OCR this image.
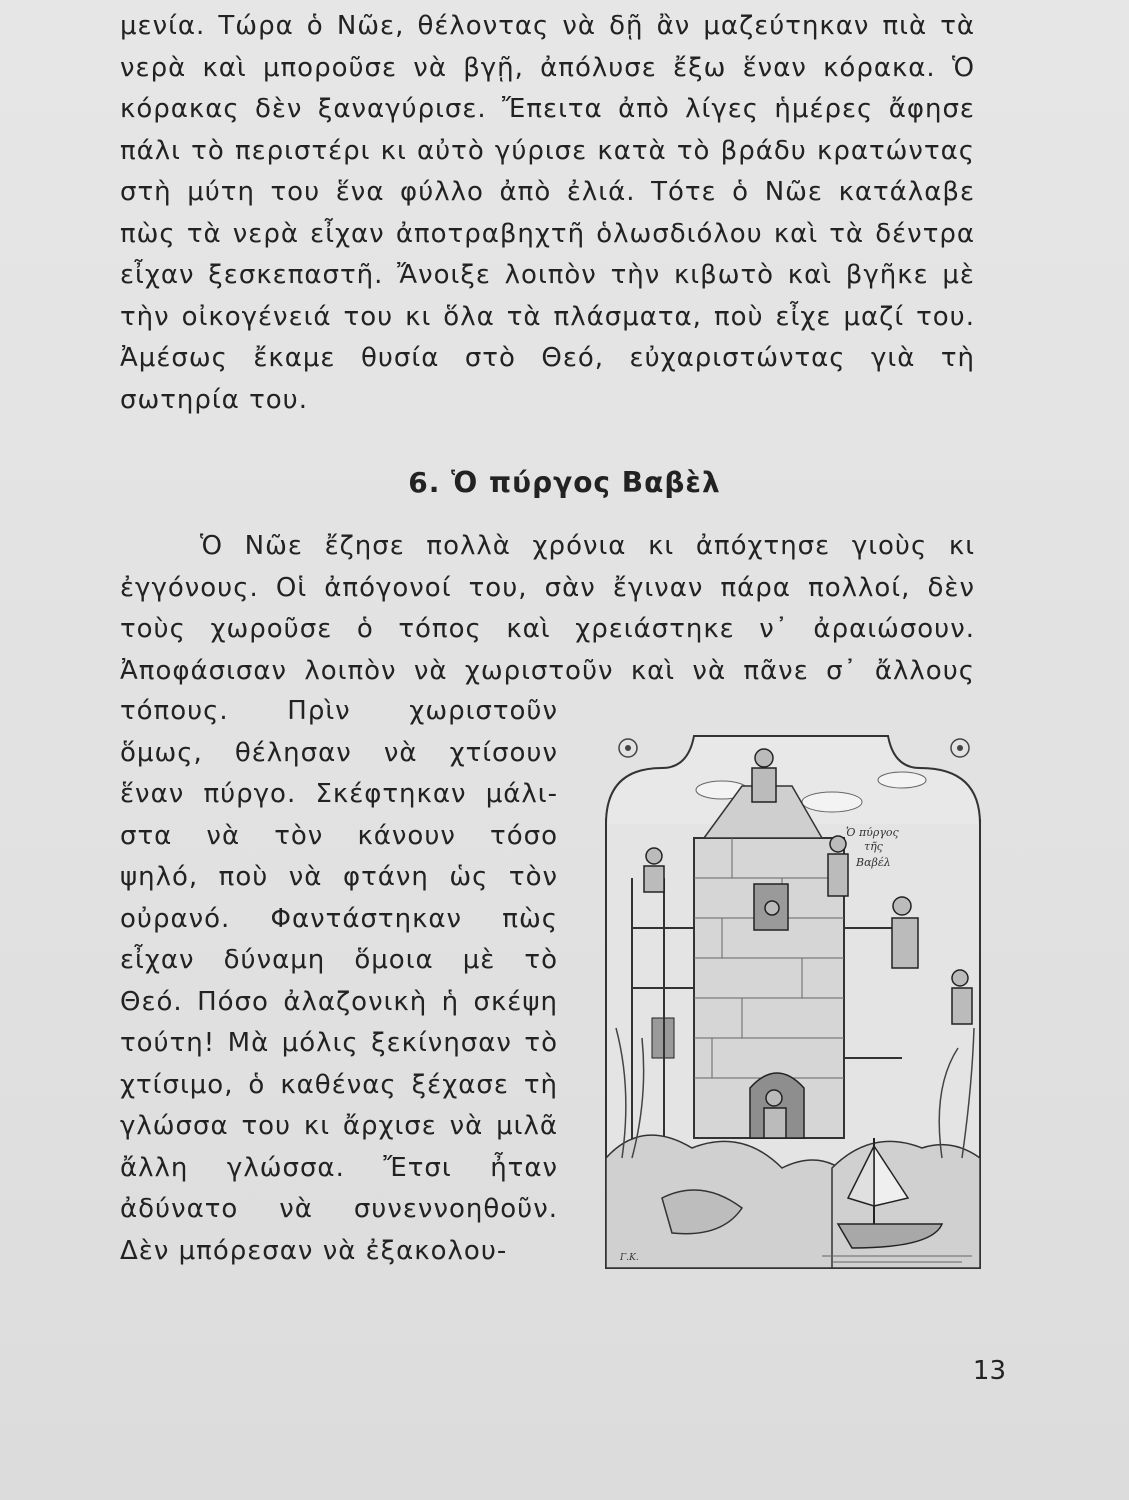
μενία. Τώρα ὁ Νῶε, θέλοντας νὰ δῇ ἂν μαζεύτηκαν πιὰ τὰ νερὰ καὶ μποροῦσε νὰ βγῇ, ἀπόλυσε ἔξω ἕναν κόρακα. Ὁ κόρακας δὲν ξαναγύρισε. Ἔπειτα ἀπὸ λίγες ἡμέρες ἄφησε πάλι τὸ περιστέρι κι αὐτὸ γύρισε κατὰ τὸ βράδυ κρατώντας στὴ μύτη του ἕνα φύλλο ἀπὸ ἐλιά. Τότε ὁ Νῶε κατάλαβε πὼς τὰ νερὰ εἶχαν ἀποτραβηχτῆ ὁλωσδιόλου καὶ τὰ δέντρα εἶχαν ξεσκεπαστῆ. Ἄνοιξε λοιπὸν τὴν κιβωτὸ καὶ βγῆκε μὲ τὴν οἰκογένειά του κι ὅλα τὰ πλάσματα, ποὺ εἶχε μαζί του. Ἀμέσως ἔκαμε θυσία στὸ Θεό, εὐχαριστώντας γιὰ τὴ σωτηρία του.

6. Ὁ πύργος Βαβὲλ

Ὁ Νῶε ἔζησε πολλὰ χρόνια κι ἀπόχτησε γιοὺς κι ἐγγόνους. Οἱ ἀπόγονοί του, σὰν ἔγιναν πάρα πολλοί, δὲν τοὺς χωροῦσε ὁ τόπος καὶ χρειάστηκε ν᾿ ἀραιώσουν. Ἀποφάσισαν λοιπὸν νὰ χωριστοῦν καὶ νὰ πᾶνε σ᾿ ἄλλους

τόπους. Πρὶν χωριστοῦν
ὅμως, θέλησαν νὰ χτίσουν
ἕναν πύργο. Σκέφτηκαν μάλι-
στα νὰ τὸν κάνουν τόσο
ψηλό, ποὺ νὰ φτάνη ὡς τὸν
οὐρανό. Φαντάστηκαν πὼς
εἶχαν δύναμη ὅμοια μὲ τὸ
Θεό. Πόσο ἀλαζονικὴ ἡ σκέψη
τούτη! Μὰ μόλις ξεκίνησαν τὸ
χτίσιμο, ὁ καθένας ξέχασε τὴ
γλώσσα του κι ἄρχισε νὰ μιλᾶ
ἄλλη γλώσσα. Ἔτσι ἦταν
ἀδύνατο νὰ συνεννοηθοῦν.
Δὲν μπόρεσαν νὰ ἐξακολου-
Ὁ πύργος
τῆς
Βαβέλ
Γ.Κ.

13
